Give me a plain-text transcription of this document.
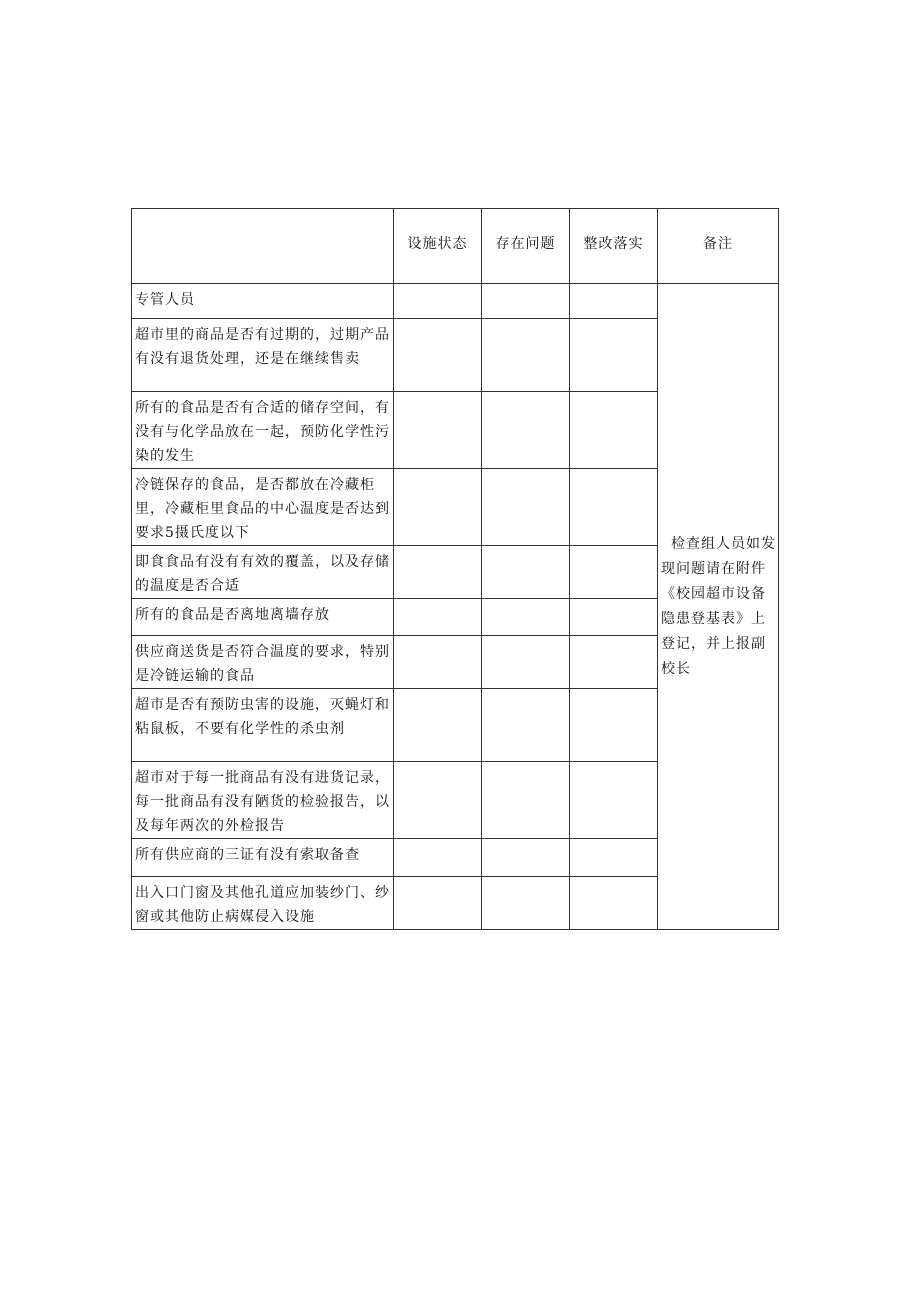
	设施状态	存在问题	整改落实	备注

专管人员				检查组人员如发现问题请在附件《校园超市设备隐患登基表》上登记，并上报副校长

超市里的商品是否有过期的，过期产品有没有退货处理，还是在继续售卖				

所有的食品是否有合适的储存空间，有没有与化学品放在一起，预防化学性污染的发生				

冷链保存的食品，是否都放在冷藏柜里，冷藏柜里食品的中心温度是否达到要求5摄氏度以下				

即食食品有没有有效的覆盖，以及存储的温度是否合适				

所有的食品是否离地离墙存放				

供应商送货是否符合温度的要求，特别是冷链运输的食品				

超市是否有预防虫害的设施，灭蝇灯和粘鼠板，不要有化学性的杀虫剂				

超市对于每一批商品有没有进货记录，每一批商品有没有陋货的检验报告，以及每年两次的外检报告				

所有供应商的三证有没有索取备查				

出入口门窗及其他孔道应加装纱门、纱窗或其他防止病媒侵入设施				
